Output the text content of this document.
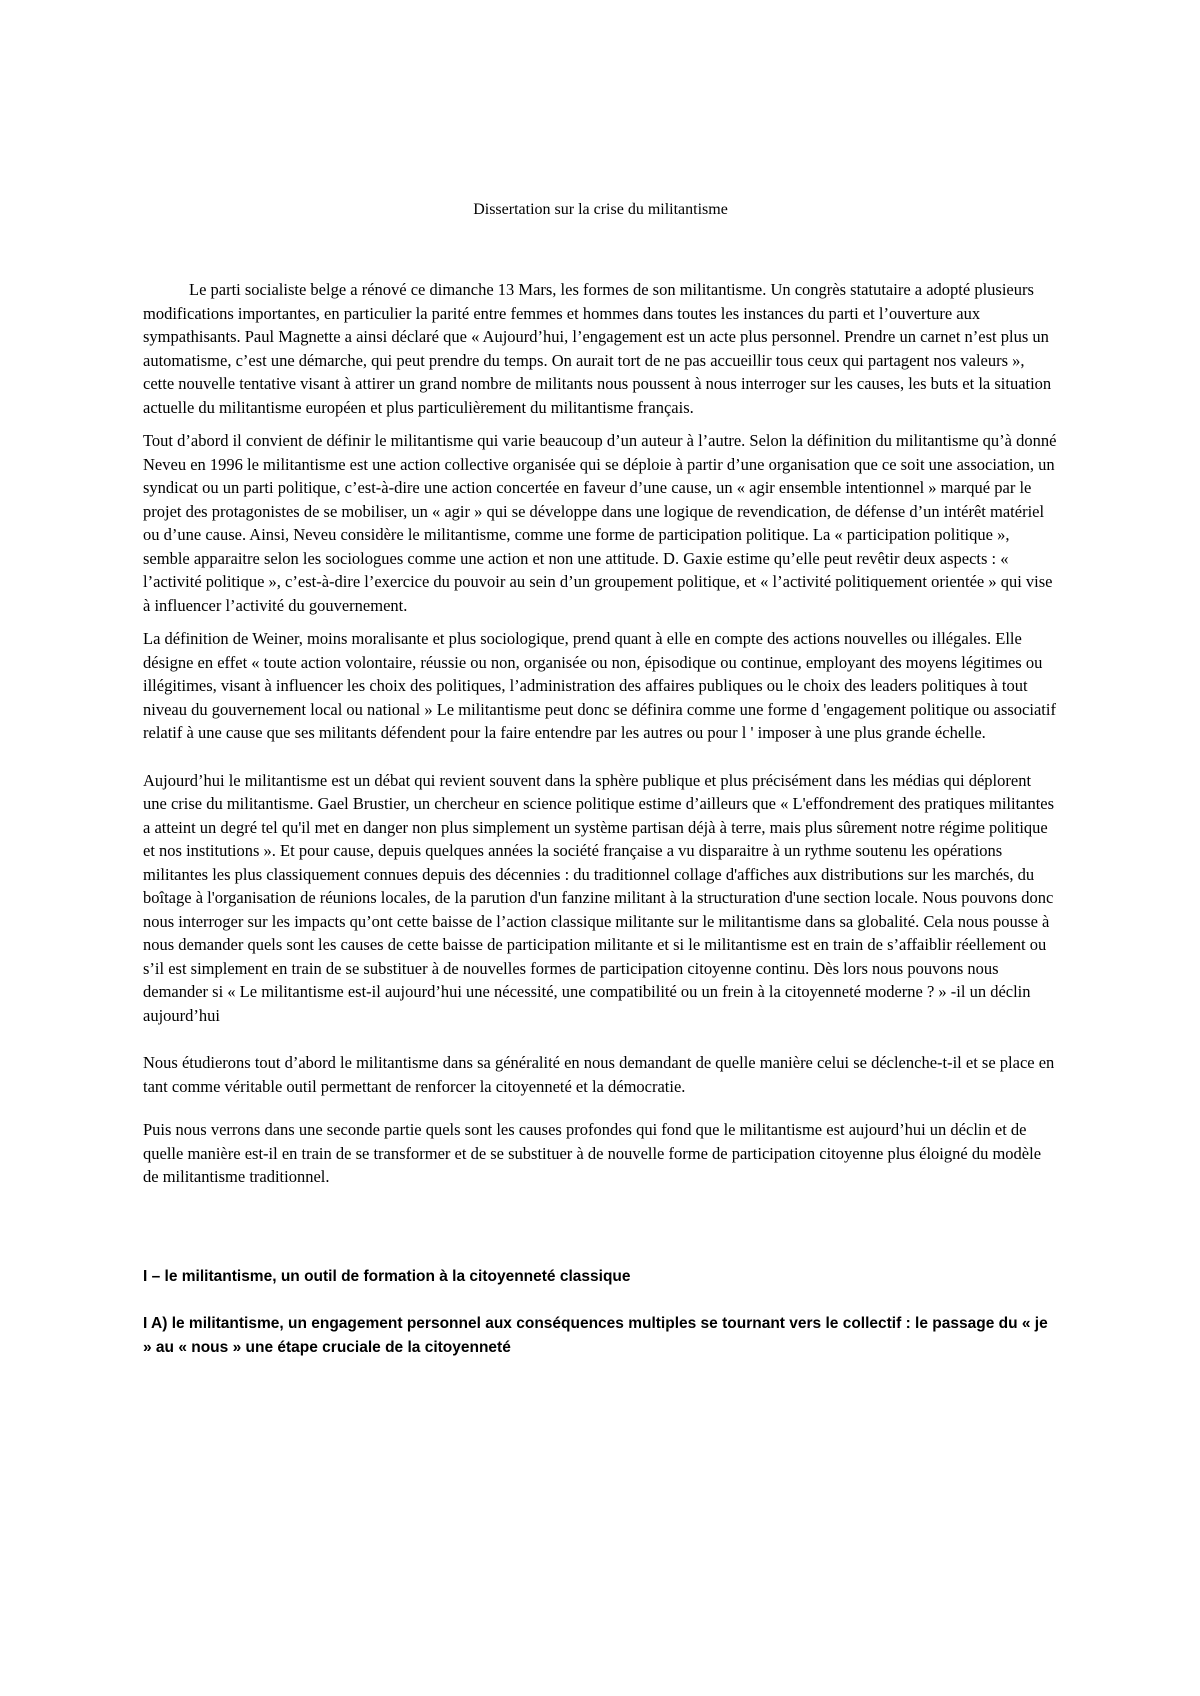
Dissertation sur la crise du militantisme

Le parti socialiste belge a rénové ce dimanche 13 Mars, les formes de son militantisme. Un congrès statutaire a adopté plusieurs modifications importantes, en particulier la parité entre femmes et hommes dans toutes les instances du parti et l’ouverture aux sympathisants. Paul Magnette a ainsi déclaré que « Aujourd’hui, l’engagement est un acte plus personnel. Prendre un carnet n’est plus un automatisme, c’est une démarche, qui peut prendre du temps. On aurait tort de ne pas accueillir tous ceux qui partagent nos valeurs », cette nouvelle tentative visant à attirer un grand nombre de militants nous poussent à nous interroger sur les causes, les buts et la situation actuelle du militantisme européen et plus particulièrement du militantisme français.

Tout d’abord il convient de définir le militantisme qui varie beaucoup d’un auteur à l’autre. Selon la définition du militantisme qu’à donné Neveu en 1996 le militantisme est une action collective organisée qui se déploie à partir d’une organisation que ce soit une association, un syndicat ou un parti politique, c’est-à-dire une action concertée en faveur d’une cause, un « agir ensemble intentionnel » marqué par le projet des protagonistes de se mobiliser, un « agir » qui se développe dans une logique de revendication, de défense d’un intérêt matériel ou d’une cause. Ainsi, Neveu considère le militantisme, comme une forme de participation politique. La « participation politique », semble apparaitre selon les sociologues comme une action et non une attitude. D. Gaxie estime qu’elle peut revêtir deux aspects : « l’activité politique », c’est-à-dire l’exercice du pouvoir au sein d’un groupement politique, et « l’activité politiquement orientée » qui vise à influencer l’activité du gouvernement.

La définition de Weiner, moins moralisante et plus sociologique, prend quant à elle en compte des actions nouvelles ou illégales. Elle désigne en effet « toute action volontaire, réussie ou non, organisée ou non, épisodique ou continue, employant des moyens légitimes ou illégitimes, visant à influencer les choix des politiques, l’administration des affaires publiques ou le choix des leaders politiques à tout niveau du gouvernement local ou national » Le militantisme peut donc se définira comme une forme d 'engagement politique ou associatif relatif à une cause que ses militants défendent pour la faire entendre par les autres ou pour l ' imposer à une plus grande échelle.

Aujourd’hui le militantisme est un débat qui revient souvent dans la sphère publique et plus précisément dans les médias qui déplorent une crise du militantisme. Gael Brustier, un chercheur en science politique estime d’ailleurs que « L'effondrement des pratiques militantes a atteint un degré tel qu'il met en danger non plus simplement un système partisan déjà à terre, mais plus sûrement notre régime politique et nos institutions ». Et pour cause, depuis quelques années la société française a vu disparaitre à un rythme soutenu les opérations militantes les plus classiquement connues depuis des décennies : du traditionnel collage d'affiches aux distributions sur les marchés, du boîtage à l'organisation de réunions locales, de la parution d'un fanzine militant à la structuration d'une section locale. Nous pouvons donc nous interroger sur les impacts qu’ont cette baisse de l’action classique militante sur le militantisme dans sa globalité. Cela nous pousse à nous demander quels sont les causes de cette baisse de participation militante et si le militantisme est en train de s’affaiblir réellement ou s’il est simplement en train de se substituer à de nouvelles formes de participation citoyenne continu. Dès lors nous pouvons nous demander si « Le militantisme est-il aujourd’hui une nécessité, une compatibilité ou un frein à la citoyenneté moderne ? » -il un déclin aujourd’hui

Nous étudierons tout d’abord le militantisme dans sa généralité en nous demandant de quelle manière celui se déclenche-t-il et se place en tant comme véritable outil permettant de renforcer la citoyenneté et la démocratie.

Puis nous verrons dans une seconde partie quels sont les causes profondes qui fond que le militantisme est aujourd’hui un déclin et de quelle manière est-il en train de se transformer et de se substituer à de nouvelle forme de participation citoyenne plus éloigné du modèle de militantisme traditionnel.

I – le militantisme, un outil de formation à la citoyenneté classique
I A) le militantisme, un engagement personnel aux conséquences multiples se tournant vers le collectif : le passage du « je » au « nous » une étape cruciale de la citoyenneté
